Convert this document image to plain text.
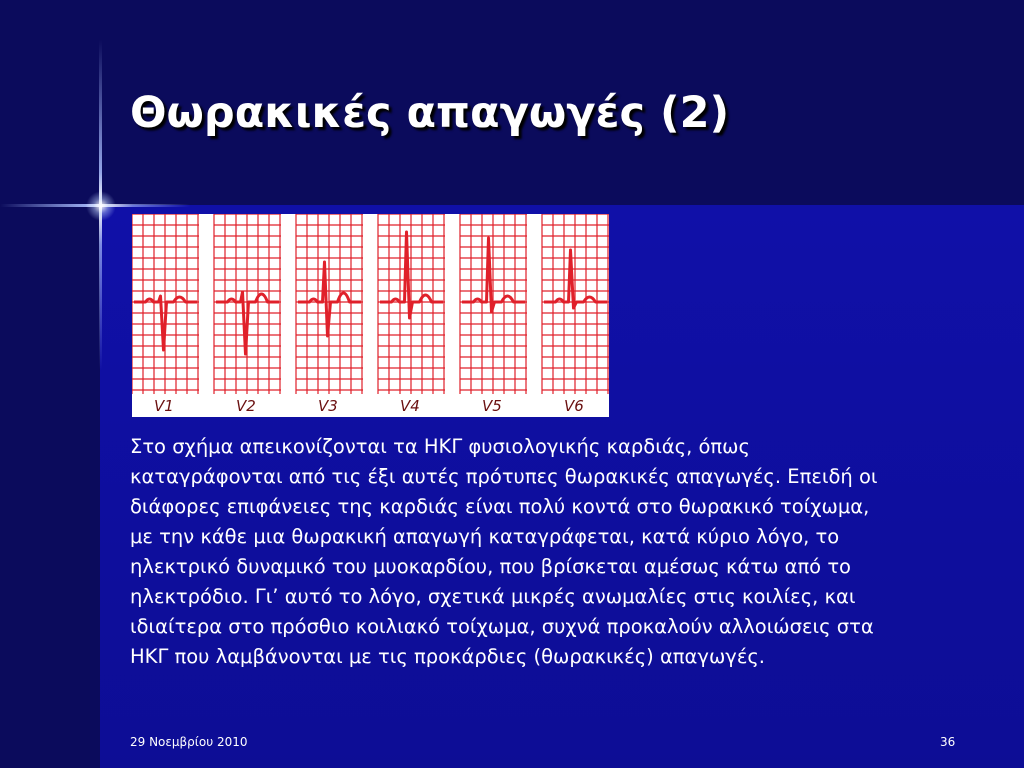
Θωρακικές απαγωγές (2)
V1	V2	V3	V4	V5	V6
Στο σχήμα απεικονίζονται τα ΗΚΓ φυσιολογικής καρδιάς, όπως
καταγράφονται από τις έξι αυτές πρότυπες θωρακικές απαγωγές. Επειδή οι
διάφορες επιφάνειες της καρδιάς είναι πολύ κοντά στο θωρακικό τοίχωμα,
με την κάθε μια θωρακική απαγωγή καταγράφεται, κατά κύριο λόγο, το
ηλεκτρικό δυναμικό του μυοκαρδίου, που βρίσκεται αμέσως κάτω από το
ηλεκτρόδιο. Γι’ αυτό το λόγο, σχετικά μικρές ανωμαλίες στις κοιλίες, και
ιδιαίτερα στο πρόσθιο κοιλιακό τοίχωμα, συχνά προκαλούν αλλοιώσεις στα
ΗΚΓ που λαμβάνονται με τις προκάρδιες (θωρακικές) απαγωγές.
29 Νοεμβρίου 2010	36
